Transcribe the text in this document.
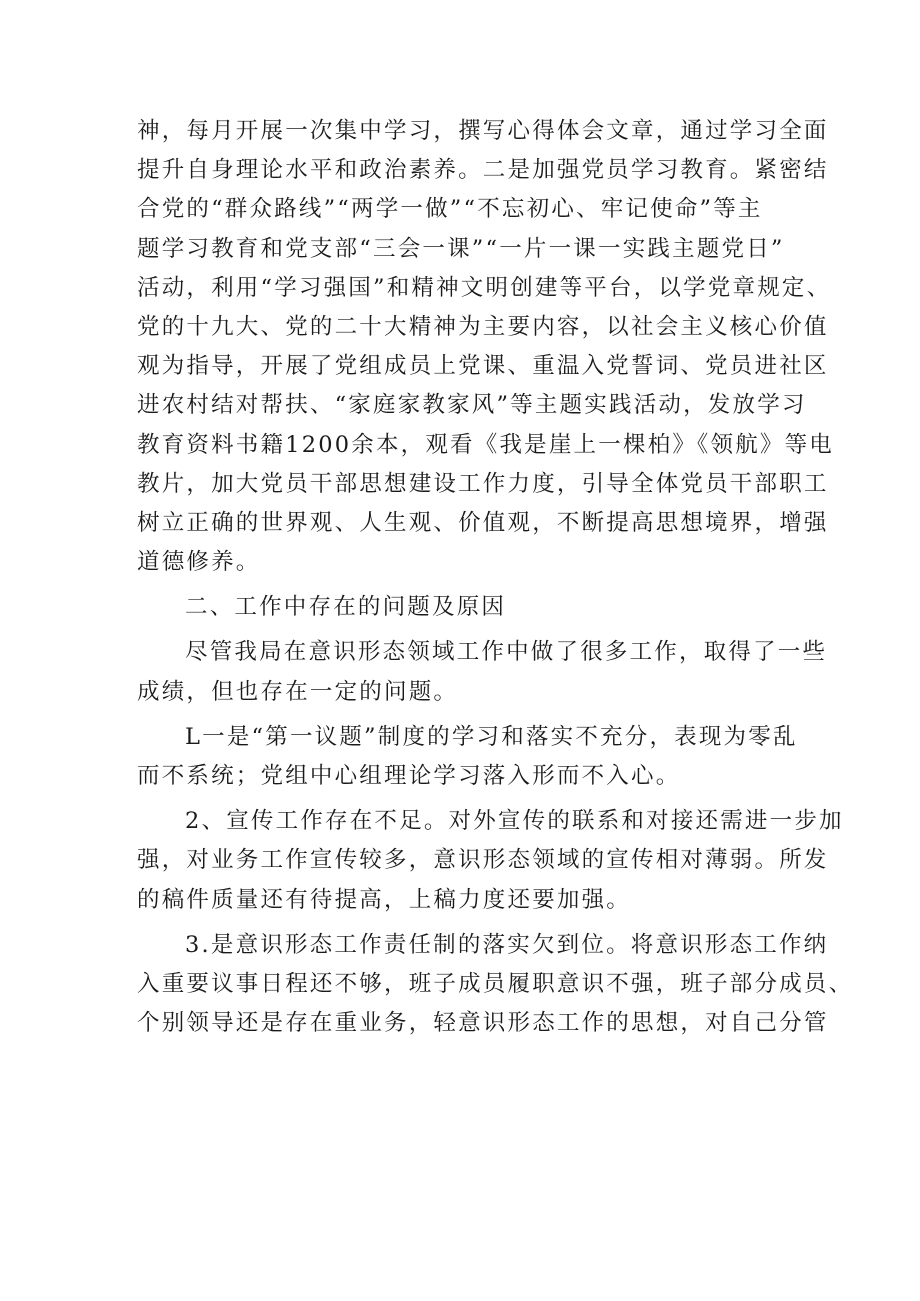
神，每月开展一次集中学习，撰写心得体会文章，通过学习全面
提升自身理论水平和政治素养。二是加强党员学习教育。紧密结
合党的“群众路线”“两学一做”“不忘初心、牢记使命”等主
题学习教育和党支部“三会一课”“一片一课一实践主题党日”
活动，利用“学习强国”和精神文明创建等平台，以学党章规定、
党的十九大、党的二十大精神为主要内容，以社会主义核心价值
观为指导，开展了党组成员上党课、重温入党誓词、党员进社区
进农村结对帮扶、“家庭家教家风”等主题实践活动，发放学习
教育资料书籍1200余本，观看《我是崖上一棵柏》《领航》等电
教片，加大党员干部思想建设工作力度，引导全体党员干部职工
树立正确的世界观、人生观、价值观，不断提高思想境界，增强
道德修养。
二、工作中存在的问题及原因
尽管我局在意识形态领域工作中做了很多工作，取得了一些
成绩，但也存在一定的问题。
L一是“第一议题”制度的学习和落实不充分，表现为零乱
而不系统；党组中心组理论学习落入形而不入心。
2、宣传工作存在不足。对外宣传的联系和对接还需进一步加
强，对业务工作宣传较多，意识形态领域的宣传相对薄弱。所发
的稿件质量还有待提高，上稿力度还要加强。
3.是意识形态工作责任制的落实欠到位。将意识形态工作纳
入重要议事日程还不够，班子成员履职意识不强，班子部分成员、
个别领导还是存在重业务，轻意识形态工作的思想，对自己分管
